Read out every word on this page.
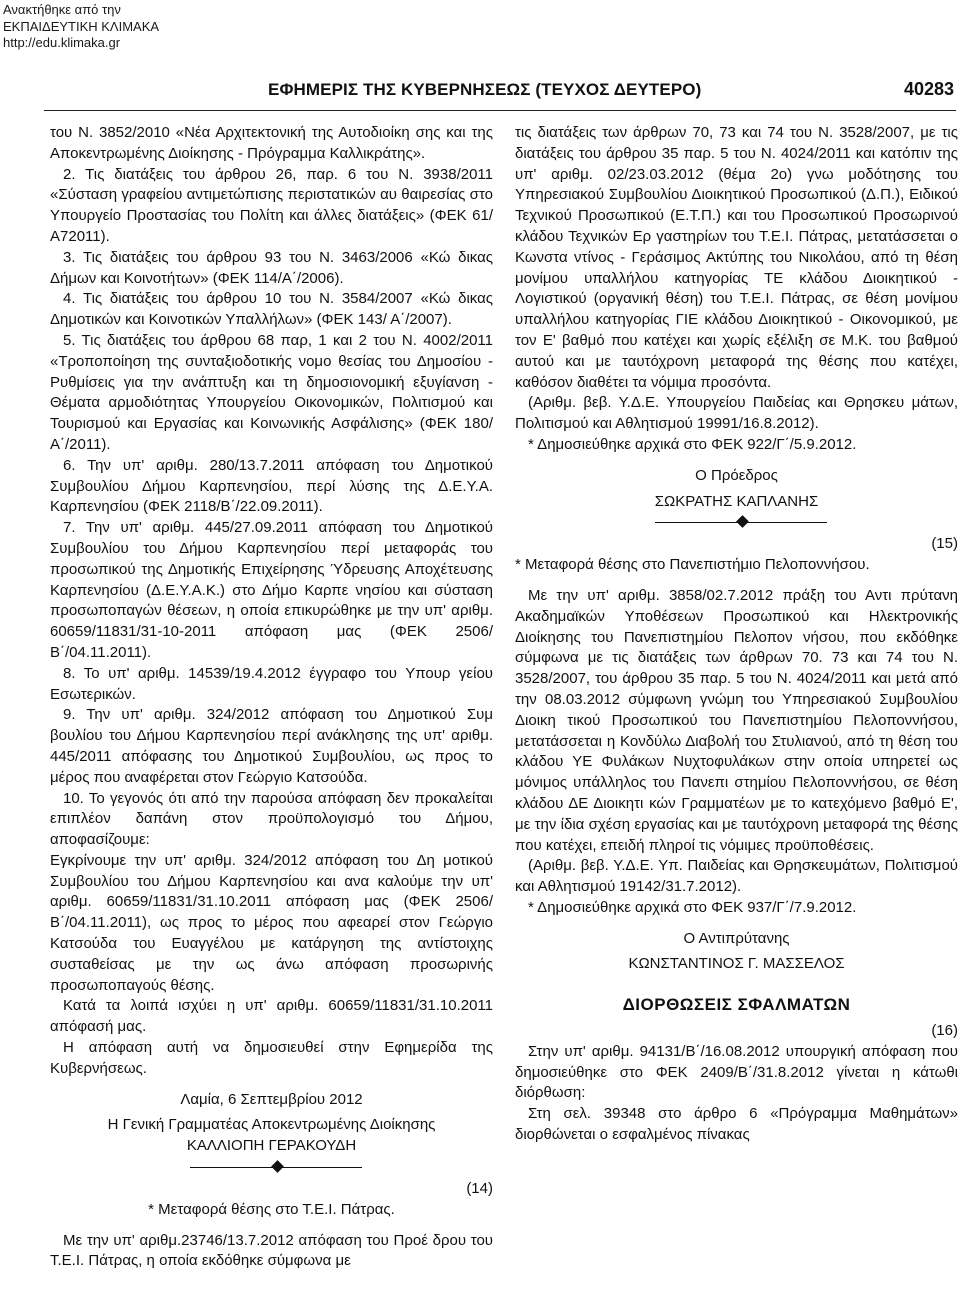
Ανακτήθηκε από την
ΕΚΠΑΙΔΕΥΤΙΚΗ ΚΛΙΜΑΚΑ
http://edu.klimaka.gr
ΕΦΗΜΕΡΙΣ ΤΗΣ ΚΥΒΕΡΝΗΣΕΩΣ (ΤΕΥΧΟΣ ΔΕΥΤΕΡΟ)	40283

του Ν. 3852/2010 «Νέα Αρχιτεκτονική της Αυτοδιοίκη σης και της Αποκεντρωμένης Διοίκησης - Πρόγραμμα Καλλικράτης».

2. Τις διατάξεις του άρθρου 26, παρ. 6 του Ν. 3938/2011 «Σύσταση γραφείου αντιμετώπισης περιστατικών αυ θαιρεσίας στο Υπουργείο Προστασίας του Πολίτη και άλλες διατάξεις» (ΦΕΚ 61/Α72011).

3. Τις διατάξεις του άρθρου 93 του Ν. 3463/2006 «Κώ δικας Δήμων και Κοινοτήτων» (ΦΕΚ 114/Α΄/2006).

4. Τις διατάξεις του άρθρου 10 του Ν. 3584/2007 «Κώ δικας Δημοτικών και Κοινοτικών Υπαλλήλων» (ΦΕΚ 143/ Α΄/2007).

5. Τις διατάξεις του άρθρου 68 παρ, 1 και 2 του Ν. 4002/2011 «Τροποποίηση της συνταξιοδοτικής νομο θεσίας του Δημοσίου - Ρυθμίσεις για την ανάπτυξη και τη δημοσιονομική εξυγίανση - Θέματα αρμοδιότητας Υπουργείου Οικονομικών, Πολιτισμού και Τουρισμού και Εργασίας και Κοινωνικής Ασφάλισης» (ΦΕΚ 180/Α΄/2011).

6. Την υπ' αριθμ. 280/13.7.2011 απόφαση του Δημοτικού Συμβουλίου Δήμου Καρπενησίου, περί λύσης της Δ.Ε.Υ.Α. Καρπενησίου (ΦΕΚ 2118/Β΄/22.09.2011).

7. Την υπ' αριθμ. 445/27.09.2011 απόφαση του Δημοτικού Συμβουλίου του Δήμου Καρπενησίου περί μεταφοράς του προσωπικού της Δημοτικής Επιχείρησης Ύδρευσης Αποχέτευσης Καρπενησίου (Δ.Ε.Υ.Α.Κ.) στο Δήμο Καρπε νησίου και σύσταση προσωποπαγών θέσεων, η οποία επικυρώθηκε με την υπ' αριθμ. 60659/11831/31-10-2011 απόφαση μας (ΦΕΚ 2506/Β΄/04.11.2011).

8. Το υπ' αριθμ. 14539/19.4.2012 έγγραφο του Υπουρ γείου Εσωτερικών.

9. Την υπ' αριθμ. 324/2012 απόφαση του Δημοτικού Συμ βουλίου του Δήμου Καρπενησίου περί ανάκλησης της υπ' αριθμ. 445/2011 απόφασης του Δημοτικού Συμβουλίου, ως προς το μέρος που αναφέρεται στον Γεώργιο Κατσούδα.

10. Το γεγονός ότι από την παρούσα απόφαση δεν προκαλείται επιπλέον δαπάνη στον προϋπολογισμό του Δήμου, αποφασίζουμε:

Εγκρίνουμε την υπ' αριθμ. 324/2012 απόφαση του Δη μοτικού Συμβουλίου του Δήμου Καρπενησίου και ανα καλούμε την υπ' αριθμ. 60659/11831/31.10.2011 απόφαση μας (ΦΕΚ 2506/Β΄/04.11.2011), ως προς το μέρος που αφεαρεί στον Γεώργιο Κατσούδα του Ευαγγέλου με κατάργηση της αντίστοιχης συσταθείσας με την ως άνω απόφαση προσωρινής προσωποπαγούς θέσης.

Κατά τα λοιπά ισχύει η υπ' αριθμ. 60659/11831/31.10.2011 απόφασή μας.

Η απόφαση αυτή να δημοσιευθεί στην Εφημερίδα της Κυβερνήσεως.

Λαμία, 6 Σεπτεμβρίου 2012

Η Γενική Γραμματέας Αποκεντρωμένης Διοίκησης

ΚΑΛΛΙΟΠΗ ΓΕΡΑΚΟΥΔΗ

(14)

* Μεταφορά θέσης στο Τ.Ε.Ι. Πάτρας.

Με την υπ' αριθμ.23746/13.7.2012 απόφαση του Προέ δρου του Τ.Ε.Ι. Πάτρας, η οποία εκδόθηκε σύμφωνα με

τις διατάξεις των άρθρων 70, 73 και 74 του Ν. 3528/2007, με τις διατάξεις του άρθρου 35 παρ. 5 του Ν. 4024/2011 και κατόπιν της υπ' αριθμ. 02/23.03.2012 (θέμα 2ο) γνω μοδότησης του Υπηρεσιακού Συμβουλίου Διοικητικού Προσωπικού (Δ.Π.), Ειδικού Τεχνικού Προσωπικού (Ε.Τ.Π.) και του Προσωπικού Προσωρινού κλάδου Τεχνικών Ερ γαστηρίων του Τ.Ε.Ι. Πάτρας, μετατάσσεται ο Κωνστα ντίνος - Γεράσιμος Ακτύπης του Νικολάου, από τη θέση μονίμου υπαλλήλου κατηγορίας ΤΕ κλάδου Διοικητικού - Λογιστικού (οργανική θέση) του Τ.Ε.Ι. Πάτρας, σε θέση μονίμου υπαλλήλου κατηγορίας ΓΙΕ κλάδου Διοικητικού - Οικονομικού, με τον Ε' βαθμό που κατέχει και χωρίς εξέλιξη σε Μ.Κ. του βαθμού αυτού και με ταυτόχρονη μεταφορά της θέσης που κατέχει, καθόσον διαθέτει τα νόμιμα προσόντα.

(Αριθμ. βεβ. Υ.Δ.Ε. Υπουργείου Παιδείας και Θρησκευ μάτων, Πολιτισμού και Αθλητισμού 19991/16.8.2012).

* Δημοσιεύθηκε αρχικά στο ΦΕΚ 922/Γ΄/5.9.2012.

Ο Πρόεδρος

ΣΩΚΡΑΤΗΣ ΚΑΠΛΑΝΗΣ

(15)

* Μεταφορά θέσης στο Πανεπιστήμιο Πελοποννήσου.

Με την υπ' αριθμ. 3858/02.7.2012 πράξη του Αντι πρύτανη Ακαδημαϊκών Υποθέσεων Προσωπικού και Ηλεκτρονικής Διοίκησης του Πανεπιστημίου Πελοπον νήσου, που εκδόθηκε σύμφωνα με τις διατάξεις των άρθρων 70. 73 και 74 του Ν. 3528/2007, του άρθρου 35 παρ. 5 του Ν. 4024/2011 και μετά από την 08.03.2012 σύμφωνη γνώμη του Υπηρεσιακού Συμβουλίου Διοικη τικού Προσωπικού του Πανεπιστημίου Πελοποννήσου, μετατάσσεται η Κονδύλω Διαβολή του Στυλιανού, από τη θέση του κλάδου ΥΕ Φυλάκων Νυχτοφυλάκων στην οποία υπηρετεί ως μόνιμος υπάλληλος του Πανεπι στημίου Πελοποννήσου, σε θέση κλάδου ΔΕ Διοικητι κών Γραμματέων με το κατεχόμενο βαθμό Ε', με την ίδια σχέση εργασίας και με ταυτόχρονη μεταφορά της θέσης που κατέχει, επειδή πληροί τις νόμιμες προϋποθέσεις.

(Αριθμ. βεβ. Υ.Δ.Ε. Υπ. Παιδείας και Θρησκευμάτων, Πολιτισμού και Αθλητισμού 19142/31.7.2012).

* Δημοσιεύθηκε αρχικά στο ΦΕΚ 937/Γ΄/7.9.2012.

Ο Αντιπρύτανης

ΚΩΝΣΤΑΝΤΙΝΟΣ Γ. ΜΑΣΣΕΛΟΣ

ΔΙΟΡΘΩΣΕΙΣ ΣΦΑΛΜΑΤΩΝ

(16)

Στην υπ' αριθμ. 94131/Β΄/16.08.2012 υπουργική απόφαση που δημοσιεύθηκε στο ΦΕΚ 2409/Β΄/31.8.2012 γίνεται η κάτωθι διόρθωση:

Στη σελ. 39348 στο άρθρο 6 «Πρόγραμμα Μαθημάτων» διορθώνεται ο εσφαλμένος πίνακας
